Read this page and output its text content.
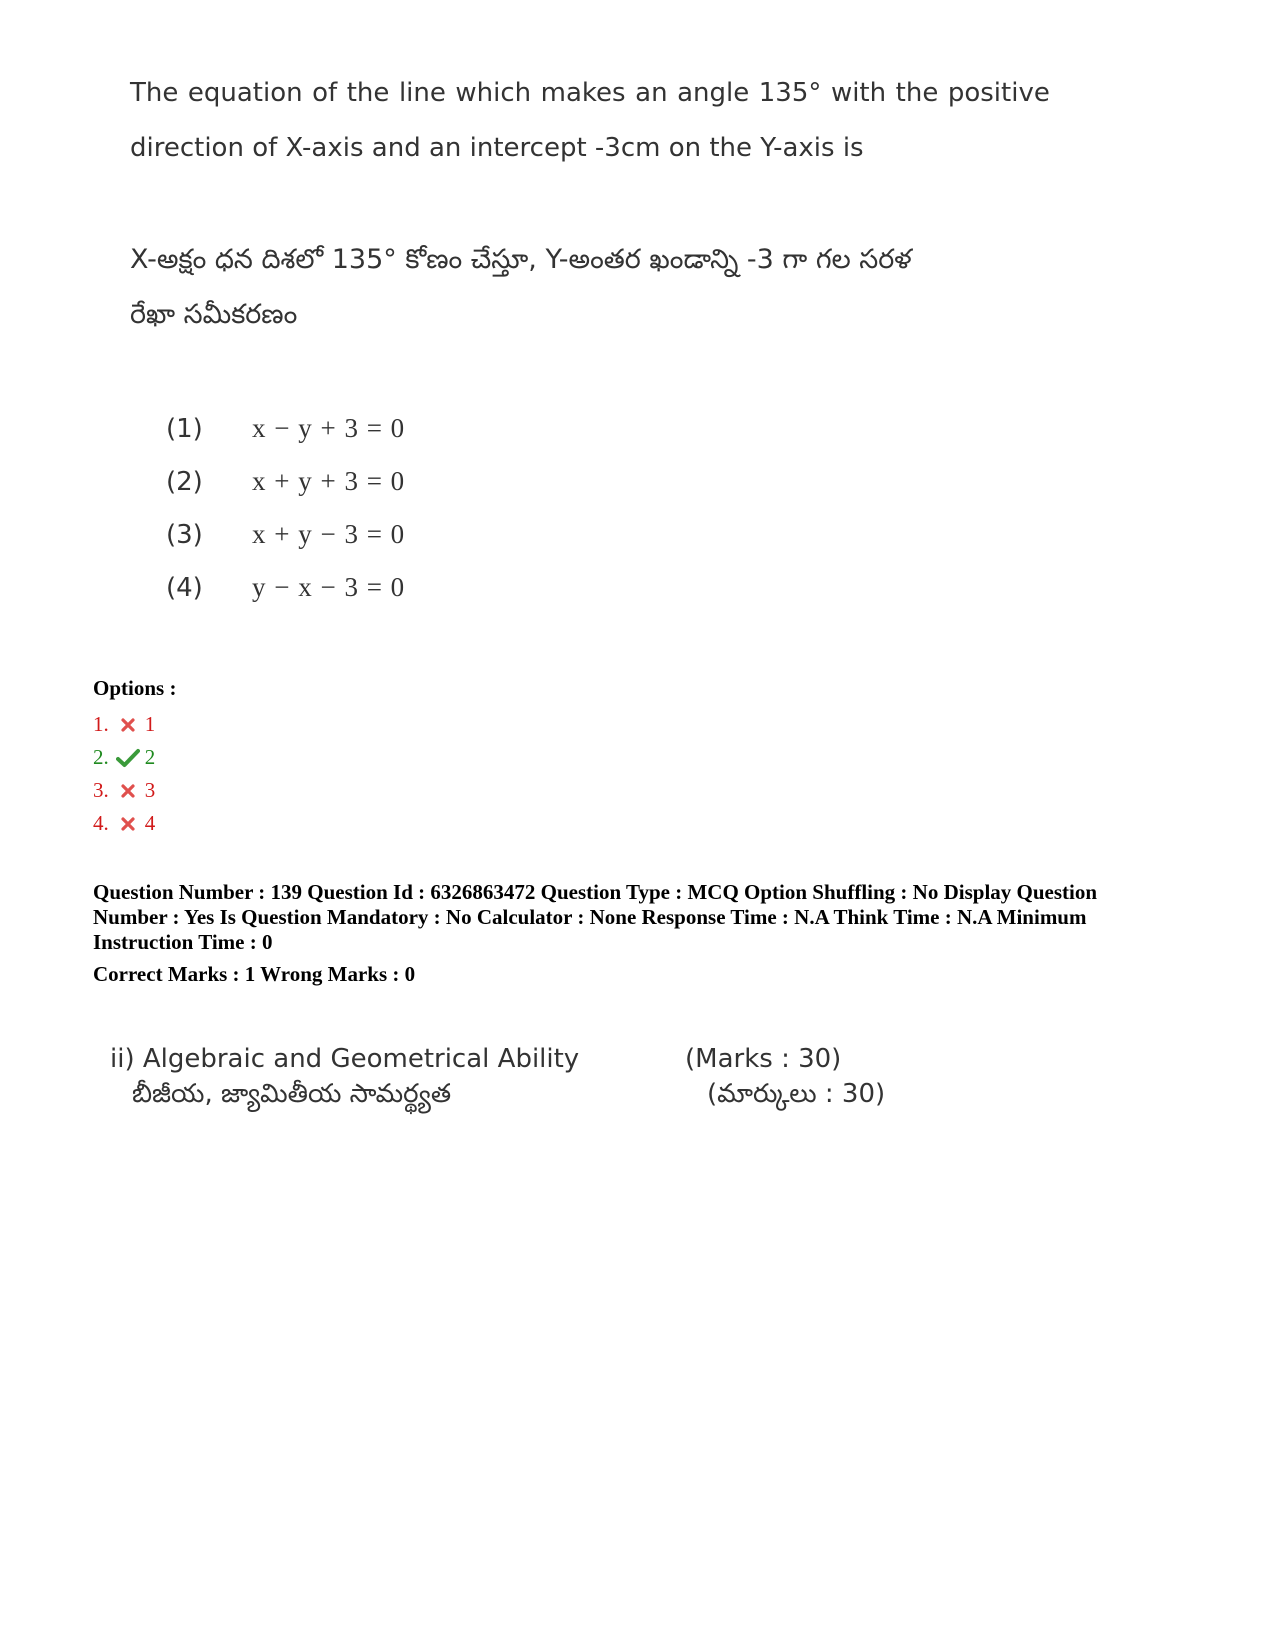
The equation of the line which makes an angle 135° with the positive
direction of X-axis and an intercept -3cm on the Y-axis is
X-అక్షం ధన దిశలో 135° కోణం చేస్తూ, Y-అంతర ఖండాన్ని -3 గా గల సరళ
రేఖా సమీకరణం
(1)	x − y + 3 = 0
(2)	x + y + 3 = 0
(3)	x + y − 3 = 0
(4)	y − x − 3 = 0
Options :
1. 1
2. 2
3. 3
4. 4
Question Number : 139 Question Id : 6326863472 Question Type : MCQ Option Shuffling : No Display Question
Number : Yes Is Question Mandatory : No Calculator : None Response Time : N.A Think Time : N.A Minimum
Instruction Time : 0
Correct Marks : 1 Wrong Marks : 0
ii) Algebraic and Geometrical Ability	(Marks : 30)
బీజీయ, జ్యామితీయ సామర్థ్యత	(మార్కులు : 30)
